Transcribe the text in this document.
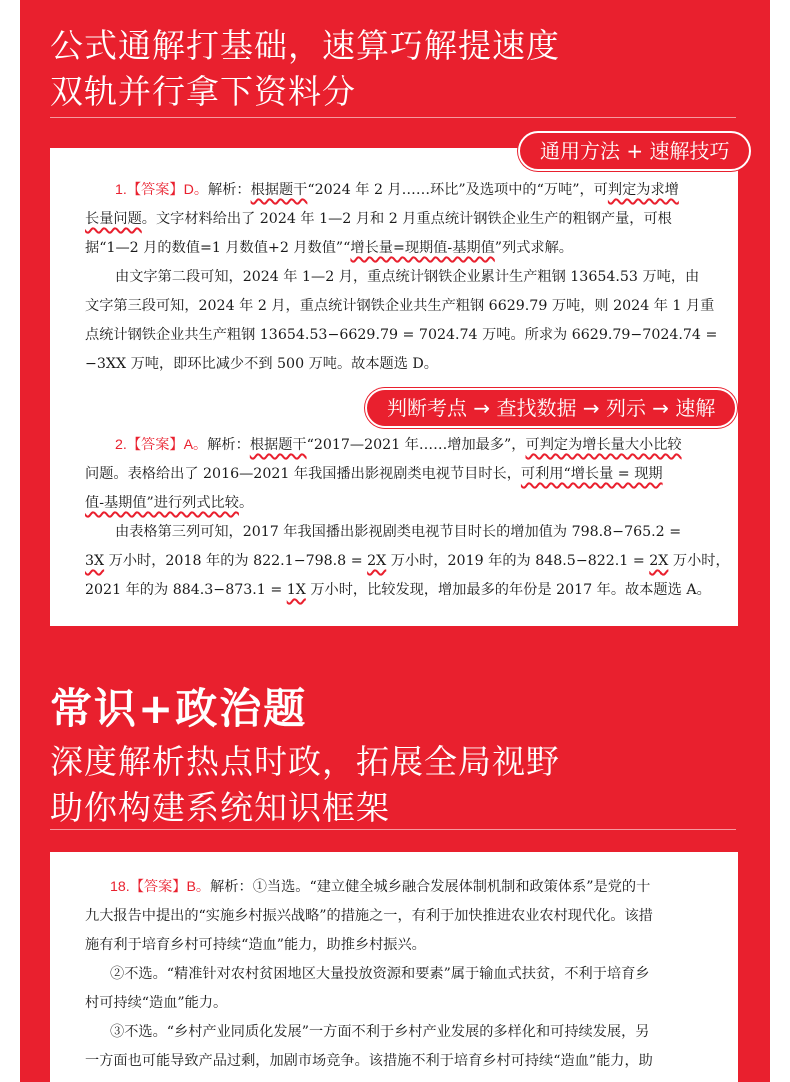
公式通解打基础，速算巧解提速度
双轨并行拿下资料分
通用方法 + 速解技巧
判断考点 → 查找数据 → 列示 → 速解
1.【答案】D。解析：根据题干“2024 年 2 月……环比”及选项中的“万吨”，可判定为求增
长量问题。文字材料给出了 2024 年 1—2 月和 2 月重点统计钢铁企业生产的粗钢产量，可根
据“1—2 月的数值=1 月数值+2 月数值”“增长量=现期值-基期值”列式求解。
由文字第二段可知，2024 年 1—2 月，重点统计钢铁企业累计生产粗钢 13654.53 万吨，由
文字第三段可知，2024 年 2 月，重点统计钢铁企业共生产粗钢 6629.79 万吨，则 2024 年 1 月重
点统计钢铁企业共生产粗钢 13654.53−6629.79 = 7024.74 万吨。所求为 6629.79−7024.74 =
−3XX 万吨，即环比减少不到 500 万吨。故本题选 D。
2.【答案】A。解析：根据题干“2017—2021 年……增加最多”，可判定为增长量大小比较
问题。表格给出了 2016—2021 年我国播出影视剧类电视节目时长，可利用“增长量 = 现期
值-基期值”进行列式比较。
由表格第三列可知，2017 年我国播出影视剧类电视节目时长的增加值为 798.8−765.2 =
3X 万小时，2018 年的为 822.1−798.8 = 2X 万小时，2019 年的为 848.5−822.1 = 2X 万小时，
2021 年的为 884.3−873.1 = 1X 万小时，比较发现，增加最多的年份是 2017 年。故本题选 A。
常识+政治题
深度解析热点时政，拓展全局视野
助你构建系统知识框架
18.【答案】B。解析：①当选。“建立健全城乡融合发展体制机制和政策体系”是党的十
九大报告中提出的“实施乡村振兴战略”的措施之一，有利于加快推进农业农村现代化。该措
施有利于培育乡村可持续“造血”能力，助推乡村振兴。
②不选。“精准针对农村贫困地区大量投放资源和要素”属于输血式扶贫，不利于培育乡
村可持续“造血”能力。
③不选。“乡村产业同质化发展”一方面不利于乡村产业发展的多样化和可持续发展，另
一方面也可能导致产品过剩，加剧市场竞争。该措施不利于培育乡村可持续“造血”能力，助
